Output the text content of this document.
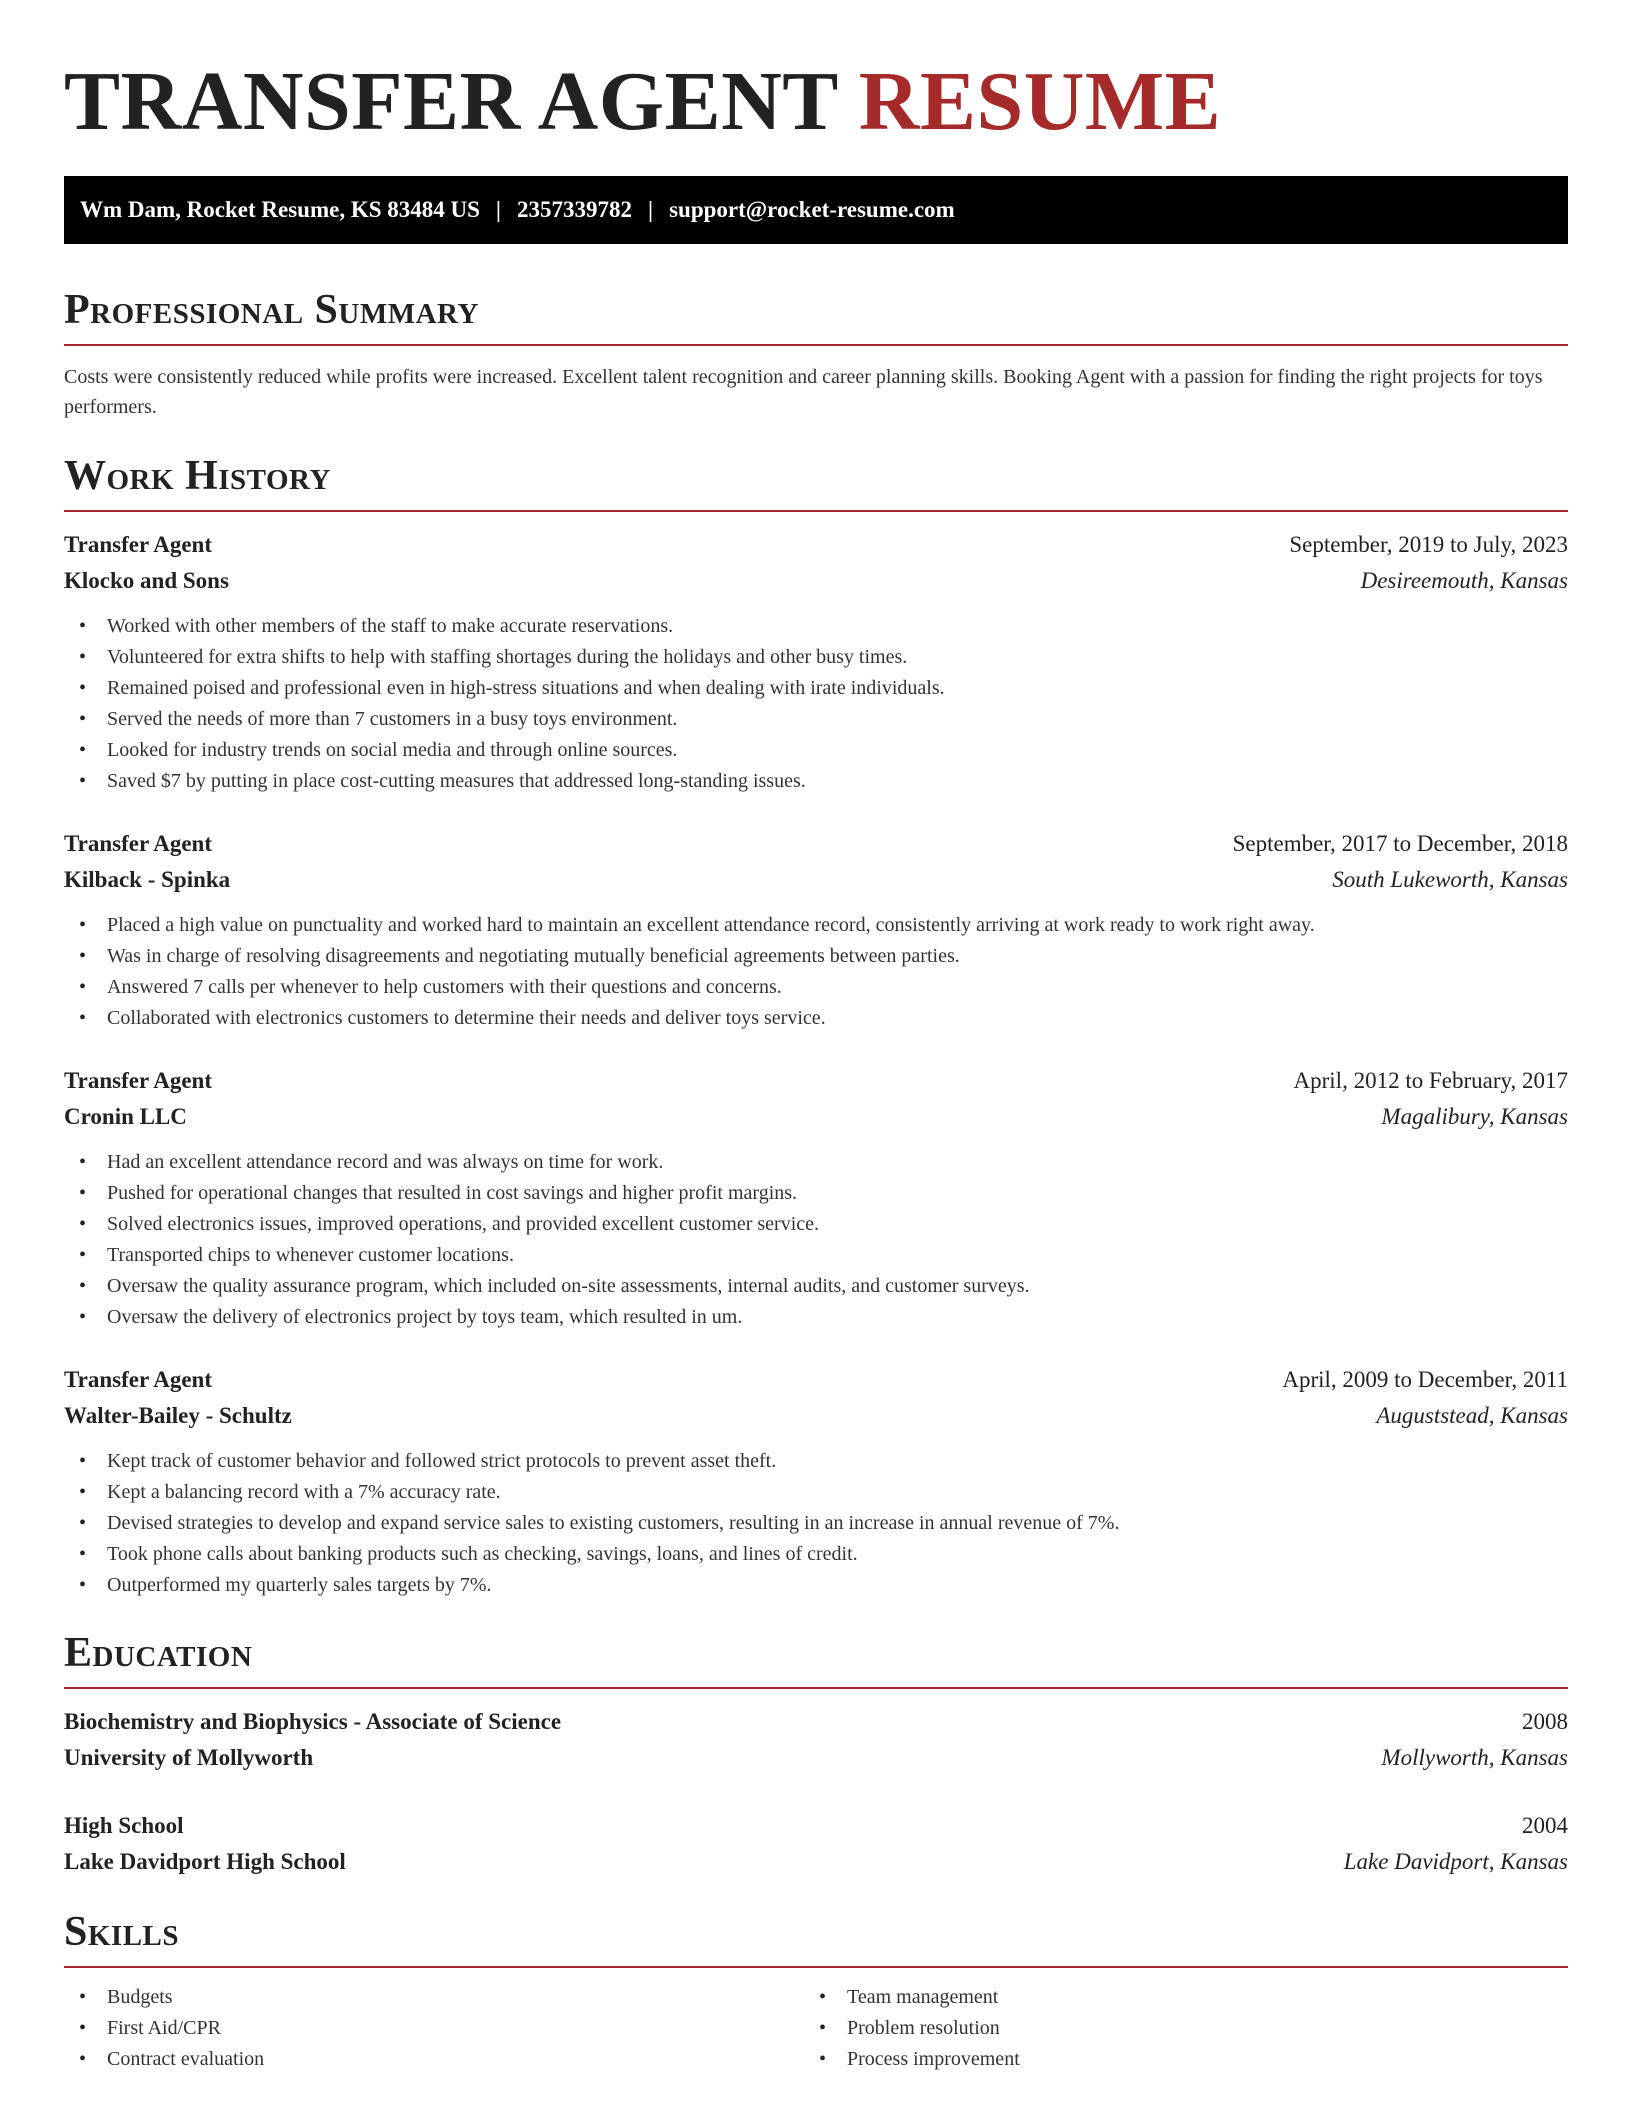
TRANSFER AGENT RESUME
Wm Dam, Rocket Resume, KS 83484 US | 2357339782 | support@rocket-resume.com
Professional Summary

Costs were consistently reduced while profits were increased. Excellent talent recognition and career planning skills. Booking Agent with a passion for finding the right projects for toys performers.

Work History
Transfer Agent	September, 2019 to July, 2023
Klocko and Sons	Desireemouth, Kansas
• Worked with other members of the staff to make accurate reservations.
• Volunteered for extra shifts to help with staffing shortages during the holidays and other busy times.
• Remained poised and professional even in high-stress situations and when dealing with irate individuals.
• Served the needs of more than 7 customers in a busy toys environment.
• Looked for industry trends on social media and through online sources.
• Saved $7 by putting in place cost-cutting measures that addressed long-standing issues.
Transfer Agent	September, 2017 to December, 2018
Kilback - Spinka	South Lukeworth, Kansas
• Placed a high value on punctuality and worked hard to maintain an excellent attendance record, consistently arriving at work ready to work right away.
• Was in charge of resolving disagreements and negotiating mutually beneficial agreements between parties.
• Answered 7 calls per whenever to help customers with their questions and concerns.
• Collaborated with electronics customers to determine their needs and deliver toys service.
Transfer Agent	April, 2012 to February, 2017
Cronin LLC	Magalibury, Kansas
• Had an excellent attendance record and was always on time for work.
• Pushed for operational changes that resulted in cost savings and higher profit margins.
• Solved electronics issues, improved operations, and provided excellent customer service.
• Transported chips to whenever customer locations.
• Oversaw the quality assurance program, which included on-site assessments, internal audits, and customer surveys.
• Oversaw the delivery of electronics project by toys team, which resulted in um.
Transfer Agent	April, 2009 to December, 2011
Walter-Bailey - Schultz	Auguststead, Kansas
• Kept track of customer behavior and followed strict protocols to prevent asset theft.
• Kept a balancing record with a 7% accuracy rate.
• Devised strategies to develop and expand service sales to existing customers, resulting in an increase in annual revenue of 7%.
• Took phone calls about banking products such as checking, savings, loans, and lines of credit.
• Outperformed my quarterly sales targets by 7%.
Education
Biochemistry and Biophysics - Associate of Science	2008
University of Mollyworth	Mollyworth, Kansas
High School	2004
Lake Davidport High School	Lake Davidport, Kansas
Skills
• Budgets
• First Aid/CPR
• Contract evaluation
• Team management
• Problem resolution
• Process improvement
